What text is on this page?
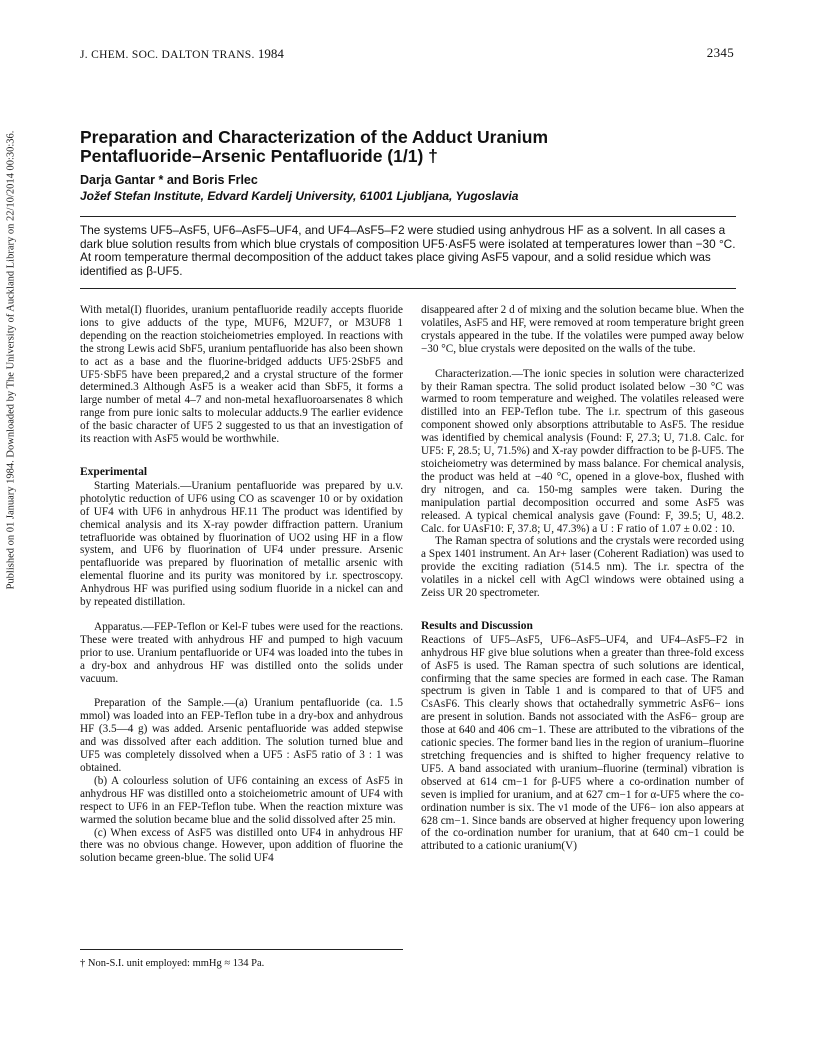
Published on 01 January 1984. Downloaded by The University of Auckland Library on 22/10/2014 00:30:36.
J. CHEM. SOC. DALTON TRANS. 1984	2345
Preparation and Characterization of the Adduct Uranium Pentafluoride–Arsenic Pentafluoride (1/1) †
Darja Gantar * and Boris Frlec
Jožef Stefan Institute, Edvard Kardelj University, 61001 Ljubljana, Yugoslavia

The systems UF5–AsF5, UF6–AsF5–UF4, and UF4–AsF5–F2 were studied using anhydrous HF as a solvent. In all cases a dark blue solution results from which blue crystals of composition UF5·AsF5 were isolated at temperatures lower than −30 °C. At room temperature thermal decomposition of the adduct takes place giving AsF5 vapour, and a solid residue which was identified as β-UF5.

With metal(I) fluorides, uranium pentafluoride readily accepts fluoride ions to give adducts of the type, MUF6, M2UF7, or M3UF8 1 depending on the reaction stoicheiometries employed. In reactions with the strong Lewis acid SbF5, uranium pentafluoride has also been shown to act as a base and the fluorine-bridged adducts UF5·2SbF5 and UF5·SbF5 have been prepared,2 and a crystal structure of the former determined.3 Although AsF5 is a weaker acid than SbF5, it forms a large number of metal 4–7 and non-metal hexafluoroarsenates 8 which range from pure ionic salts to molecular adducts.9 The earlier evidence of the basic character of UF5 2 suggested to us that an investigation of its reaction with AsF5 would be worthwhile.

Experimental

Starting Materials.—Uranium pentafluoride was prepared by u.v. photolytic reduction of UF6 using CO as scavenger 10 or by oxidation of UF4 with UF6 in anhydrous HF.11 The product was identified by chemical analysis and its X-ray powder diffraction pattern. Uranium tetrafluoride was obtained by fluorination of UO2 using HF in a flow system, and UF6 by fluorination of UF4 under pressure. Arsenic pentafluoride was prepared by fluorination of metallic arsenic with elemental fluorine and its purity was monitored by i.r. spectroscopy. Anhydrous HF was purified using sodium fluoride in a nickel can and by repeated distillation.

Apparatus.—FEP-Teflon or Kel-F tubes were used for the reactions. These were treated with anhydrous HF and pumped to high vacuum prior to use. Uranium pentafluoride or UF4 was loaded into the tubes in a dry-box and anhydrous HF was distilled onto the solids under vacuum.

Preparation of the Sample.—(a) Uranium pentafluoride (ca. 1.5 mmol) was loaded into an FEP-Teflon tube in a dry-box and anhydrous HF (3.5—4 g) was added. Arsenic pentafluoride was added stepwise and was dissolved after each addition. The solution turned blue and UF5 was completely dissolved when a UF5 : AsF5 ratio of 3 : 1 was obtained.

(b) A colourless solution of UF6 containing an excess of AsF5 in anhydrous HF was distilled onto a stoicheiometric amount of UF4 with respect to UF6 in an FEP-Teflon tube. When the reaction mixture was warmed the solution became blue and the solid dissolved after 25 min.

(c) When excess of AsF5 was distilled onto UF4 in anhydrous HF there was no obvious change. However, upon addition of fluorine the solution became green-blue. The solid UF4

† Non-S.I. unit employed: mmHg ≈ 134 Pa.

disappeared after 2 d of mixing and the solution became blue. When the volatiles, AsF5 and HF, were removed at room temperature bright green crystals appeared in the tube. If the volatiles were pumped away below −30 °C, blue crystals were deposited on the walls of the tube.

Characterization.—The ionic species in solution were characterized by their Raman spectra. The solid product isolated below −30 °C was warmed to room temperature and weighed. The volatiles released were distilled into an FEP-Teflon tube. The i.r. spectrum of this gaseous component showed only absorptions attributable to AsF5. The residue was identified by chemical analysis (Found: F, 27.3; U, 71.8. Calc. for UF5: F, 28.5; U, 71.5%) and X-ray powder diffraction to be β-UF5. The stoicheiometry was determined by mass balance. For chemical analysis, the product was held at −40 °C, opened in a glove-box, flushed with dry nitrogen, and ca. 150-mg samples were taken. During the manipulation partial decomposition occurred and some AsF5 was released. A typical chemical analysis gave (Found: F, 39.5; U, 48.2. Calc. for UAsF10: F, 37.8; U, 47.3%) a U : F ratio of 1.07 ± 0.02 : 10.

The Raman spectra of solutions and the crystals were recorded using a Spex 1401 instrument. An Ar+ laser (Coherent Radiation) was used to provide the exciting radiation (514.5 nm). The i.r. spectra of the volatiles in a nickel cell with AgCl windows were obtained using a Zeiss UR 20 spectrometer.

Results and Discussion

Reactions of UF5–AsF5, UF6–AsF5–UF4, and UF4–AsF5–F2 in anhydrous HF give blue solutions when a greater than three-fold excess of AsF5 is used. The Raman spectra of such solutions are identical, confirming that the same species are formed in each case. The Raman spectrum is given in Table 1 and is compared to that of UF5 and CsAsF6. This clearly shows that octahedrally symmetric AsF6− ions are present in solution. Bands not associated with the AsF6− group are those at 640 and 406 cm−1. These are attributed to the vibrations of the cationic species. The former band lies in the region of uranium–fluorine stretching frequencies and is shifted to higher frequency relative to UF5. A band associated with uranium–fluorine (terminal) vibration is observed at 614 cm−1 for β-UF5 where a co-ordination number of seven is implied for uranium, and at 627 cm−1 for α-UF5 where the co-ordination number is six. The ν1 mode of the UF6− ion also appears at 628 cm−1. Since bands are observed at higher frequency upon lowering of the co-ordination number for uranium, that at 640 cm−1 could be attributed to a cationic uranium(V)
